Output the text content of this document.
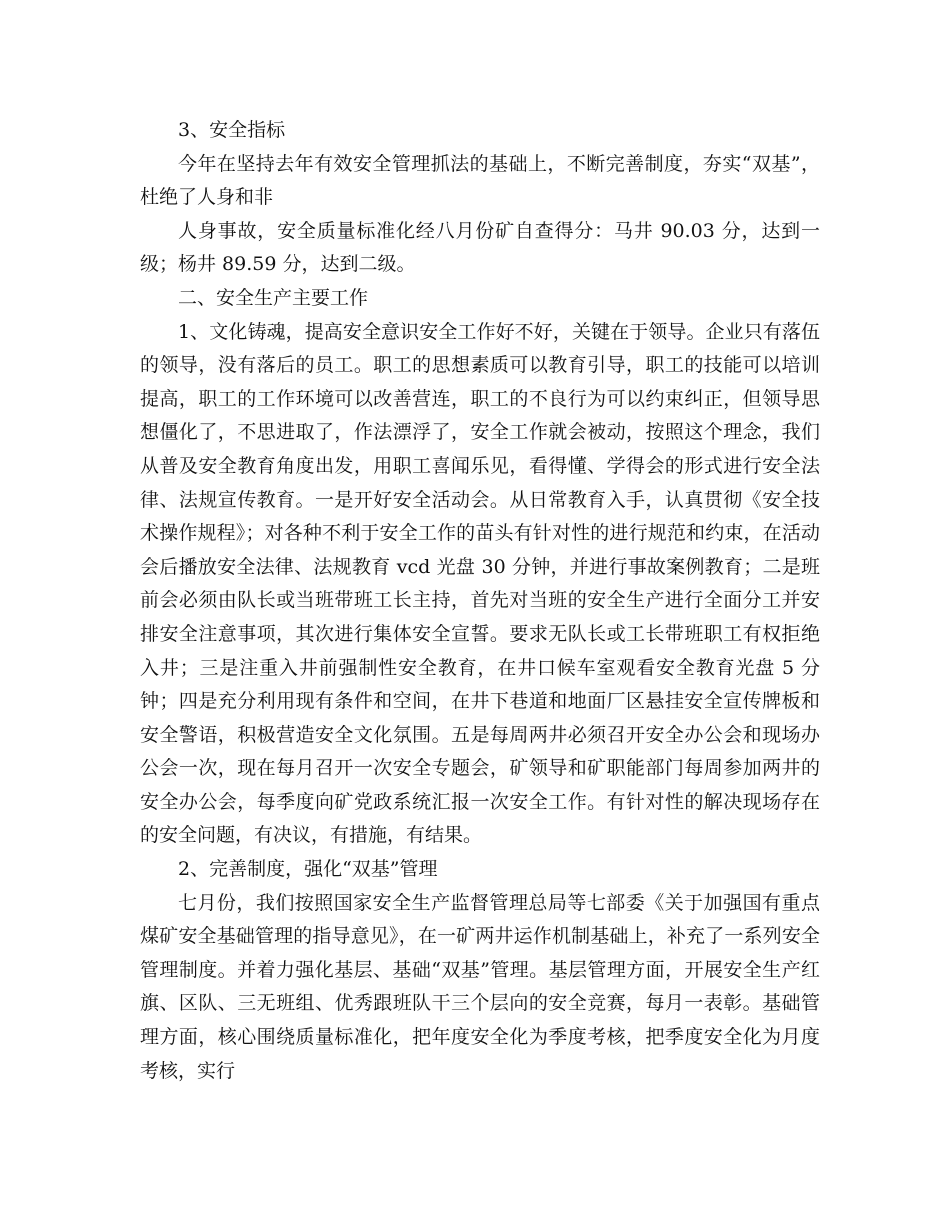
3、安全指标

今年在坚持去年有效安全管理抓法的基础上，不断完善制度，夯实“双基”，杜绝了人身和非

人身事故，安全质量标准化经八月份矿自查得分：马井 90.03 分，达到一级；杨井 89.59 分，达到二级。

二、安全生产主要工作

1、文化铸魂，提高安全意识安全工作好不好，关键在于领导。企业只有落伍的领导，没有落后的员工。职工的思想素质可以教育引导，职工的技能可以培训提高，职工的工作环境可以改善营连，职工的不良行为可以约束纠正，但领导思想僵化了，不思进取了，作法漂浮了，安全工作就会被动，按照这个理念，我们从普及安全教育角度出发，用职工喜闻乐见，看得懂、学得会的形式进行安全法律、法规宣传教育。一是开好安全活动会。从日常教育入手，认真贯彻《安全技术操作规程》；对各种不利于安全工作的苗头有针对性的进行规范和约束，在活动会后播放安全法律、法规教育 vcd 光盘 30 分钟，并进行事故案例教育；二是班前会必须由队长或当班带班工长主持，首先对当班的安全生产进行全面分工并安排安全注意事项，其次进行集体安全宣誓。要求无队长或工长带班职工有权拒绝入井；三是注重入井前强制性安全教育，在井口候车室观看安全教育光盘 5 分钟；四是充分利用现有条件和空间，在井下巷道和地面厂区悬挂安全宣传牌板和安全警语，积极营造安全文化氛围。五是每周两井必须召开安全办公会和现场办公会一次，现在每月召开一次安全专题会，矿领导和矿职能部门每周参加两井的安全办公会，每季度向矿党政系统汇报一次安全工作。有针对性的解决现场存在的安全问题，有决议，有措施，有结果。

2、完善制度，强化“双基”管理

七月份，我们按照国家安全生产监督管理总局等七部委《关于加强国有重点煤矿安全基础管理的指导意见》，在一矿两井运作机制基础上，补充了一系列安全管理制度。并着力强化基层、基础“双基”管理。基层管理方面，开展安全生产红旗、区队、三无班组、优秀跟班队干三个层向的安全竞赛，每月一表彰。基础管理方面，核心围绕质量标准化，把年度安全化为季度考核，把季度安全化为月度考核，实行
